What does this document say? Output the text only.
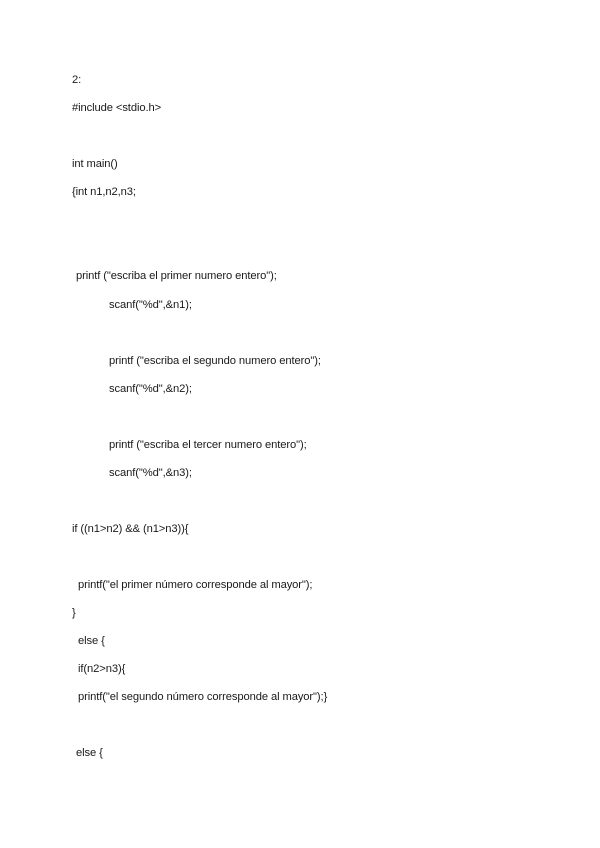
2:
#include <stdio.h>
int main()
{int n1,n2,n3;
printf ("escriba el primer numero entero");
scanf("%d",&n1);
printf ("escriba el segundo numero entero");
scanf("%d",&n2);
printf ("escriba el tercer numero entero");
scanf("%d",&n3);
if ((n1>n2) && (n1>n3)){
printf("el primer número corresponde al mayor");
}
else {
if(n2>n3){
printf("el segundo número corresponde al mayor");}
else {
